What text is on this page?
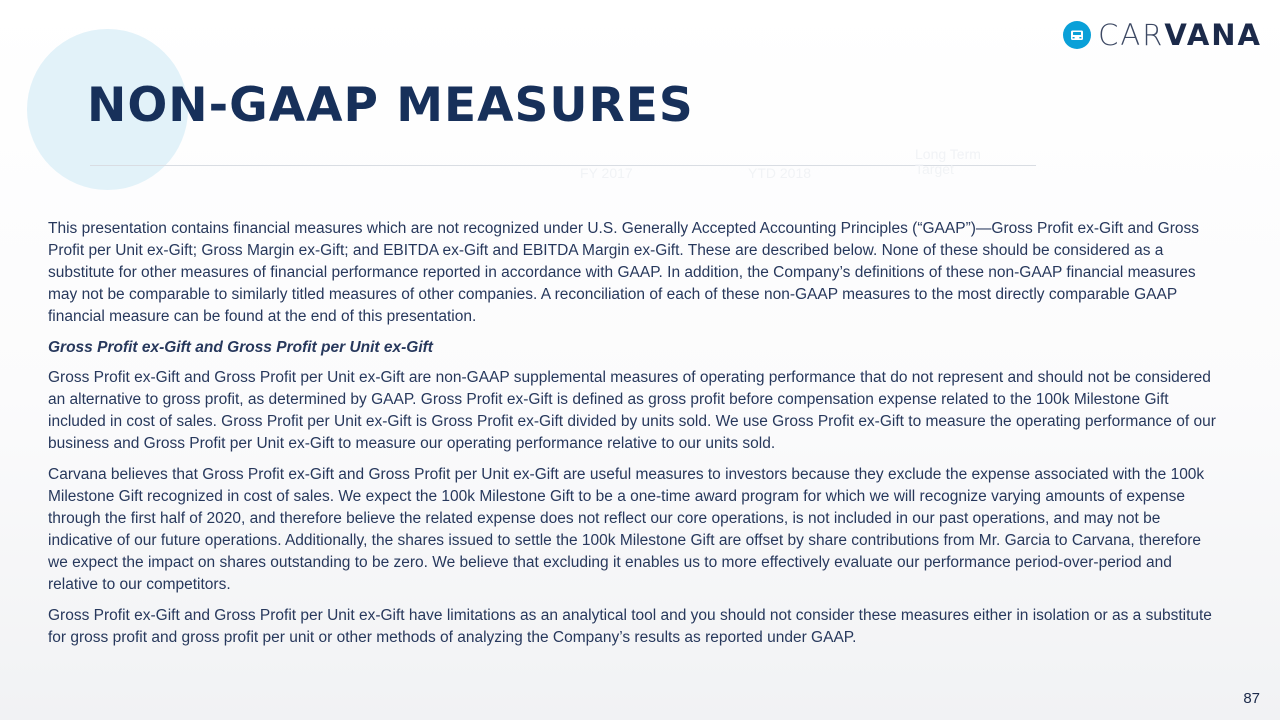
CARVANA
NON-GAAP MEASURES
FY 2017	YTD 2018
Long Term Target

This presentation contains financial measures which are not recognized under U.S. Generally Accepted Accounting Principles (“GAAP”)—Gross Profit ex-Gift and Gross Profit per Unit ex-Gift; Gross Margin ex-Gift; and EBITDA ex-Gift and EBITDA Margin ex-Gift. These are described below. None of these should be considered as a substitute for other measures of financial performance reported in accordance with GAAP. In addition, the Company’s definitions of these non-GAAP financial measures may not be comparable to similarly titled measures of other companies. A reconciliation of each of these non-GAAP measures to the most directly comparable GAAP financial measure can be found at the end of this presentation.

Gross Profit ex-Gift and Gross Profit per Unit ex-Gift

Gross Profit ex-Gift and Gross Profit per Unit ex-Gift are non-GAAP supplemental measures of operating performance that do not represent and should not be considered an alternative to gross profit, as determined by GAAP. Gross Profit ex-Gift is defined as gross profit before compensation expense related to the 100k Milestone Gift included in cost of sales. Gross Profit per Unit ex-Gift is Gross Profit ex-Gift divided by units sold. We use Gross Profit ex-Gift to measure the operating performance of our business and Gross Profit per Unit ex-Gift to measure our operating performance relative to our units sold.

Carvana believes that Gross Profit ex-Gift and Gross Profit per Unit ex-Gift are useful measures to investors because they exclude the expense associated with the 100k Milestone Gift recognized in cost of sales. We expect the 100k Milestone Gift to be a one-time award program for which we will recognize varying amounts of expense through the first half of 2020, and therefore believe the related expense does not reflect our core operations, is not included in our past operations, and may not be indicative of our future operations. Additionally, the shares issued to settle the 100k Milestone Gift are offset by share contributions from Mr. Garcia to Carvana, therefore we expect the impact on shares outstanding to be zero. We believe that excluding it enables us to more effectively evaluate our performance period-over-period and relative to our competitors.

Gross Profit ex-Gift and Gross Profit per Unit ex-Gift have limitations as an analytical tool and you should not consider these measures either in isolation or as a substitute for gross profit and gross profit per unit or other methods of analyzing the Company’s results as reported under GAAP.

87
